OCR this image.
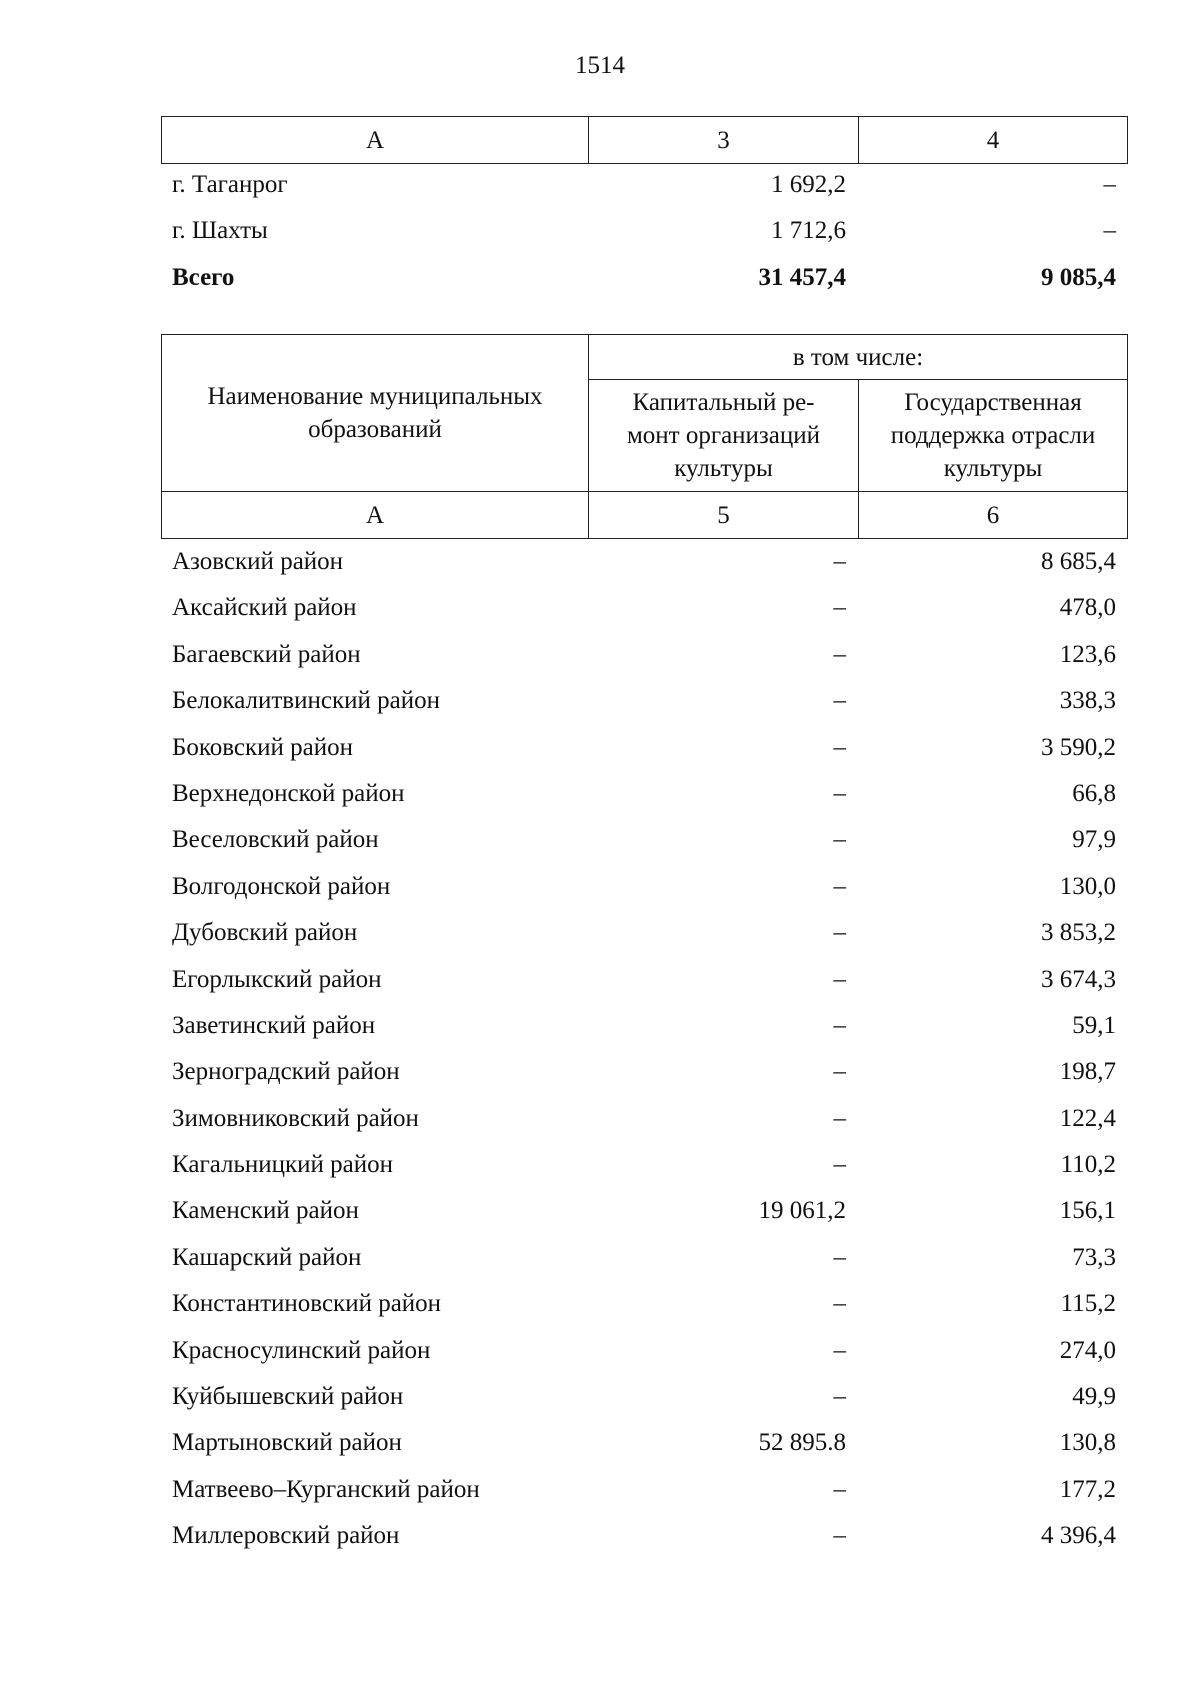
1514
А	3	4
г. Таганрог	1 692,2	–
г. Шахты	1 712,6	–
Всего	31 457,4	9 085,4
Наименование муниципальных образований	в том числе:	
	Капитальный ре-монт организаций культуры	Государственная поддержка отрасли культуры
А	5	6
Азовский район	–	8 685,4
Аксайский район	–	478,0
Багаевский район	–	123,6
Белокалитвинский район	–	338,3
Боковский район	–	3 590,2
Верхнедонской район	–	66,8
Веселовский район	–	97,9
Волгодонской район	–	130,0
Дубовский район	–	3 853,2
Егорлыкский район	–	3 674,3
Заветинский район	–	59,1
Зерноградский район	–	198,7
Зимовниковский район	–	122,4
Кагальницкий район	–	110,2
Каменский район	19 061,2	156,1
Кашарский район	–	73,3
Константиновский район	–	115,2
Красносулинский район	–	274,0
Куйбышевский район	–	49,9
Мартыновский район	52 895.8	130,8
Матвеево–Курганский район	–	177,2
Миллеровский район	–	4 396,4
